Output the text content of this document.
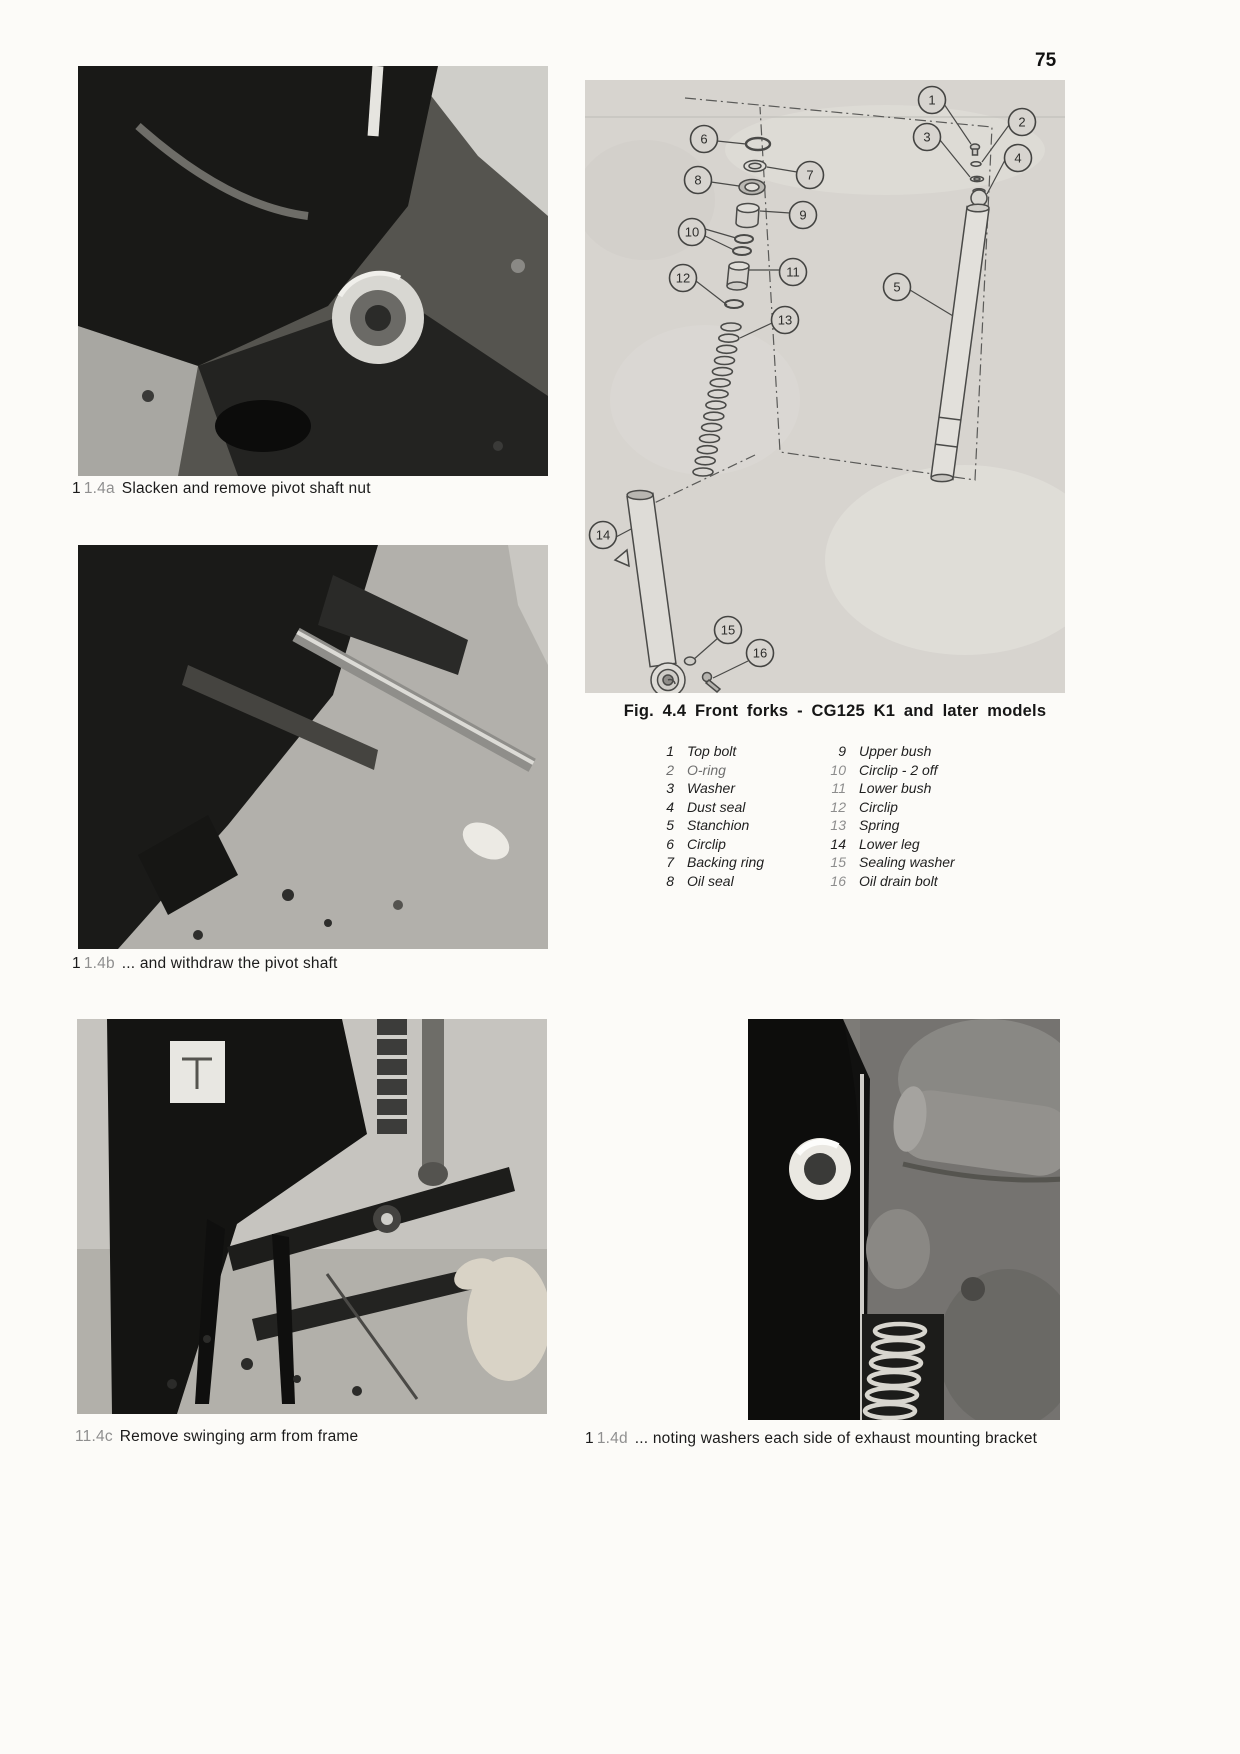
75
1 1.4a Slacken and remove pivot shaft nut
1 1.4b ... and withdraw the pivot shaft
1
2
3
4
5
6
7
8
9
10
11
12
13
14
15
16
Fig. 4.4 Front forks - CG125 K1 and later models
1 Top bolt
2 O-ring
3 Washer
4 Dust seal
5 Stanchion
6 Circlip
7 Backing ring
8 Oil seal
9 Upper bush
10 Circlip - 2 off
11 Lower bush
12 Circlip
13 Spring
14 Lower leg
15 Sealing washer
16 Oil drain bolt
11.4c Remove swinging arm from frame	1 1.4d ... noting washers each side of exhaust mounting bracket
